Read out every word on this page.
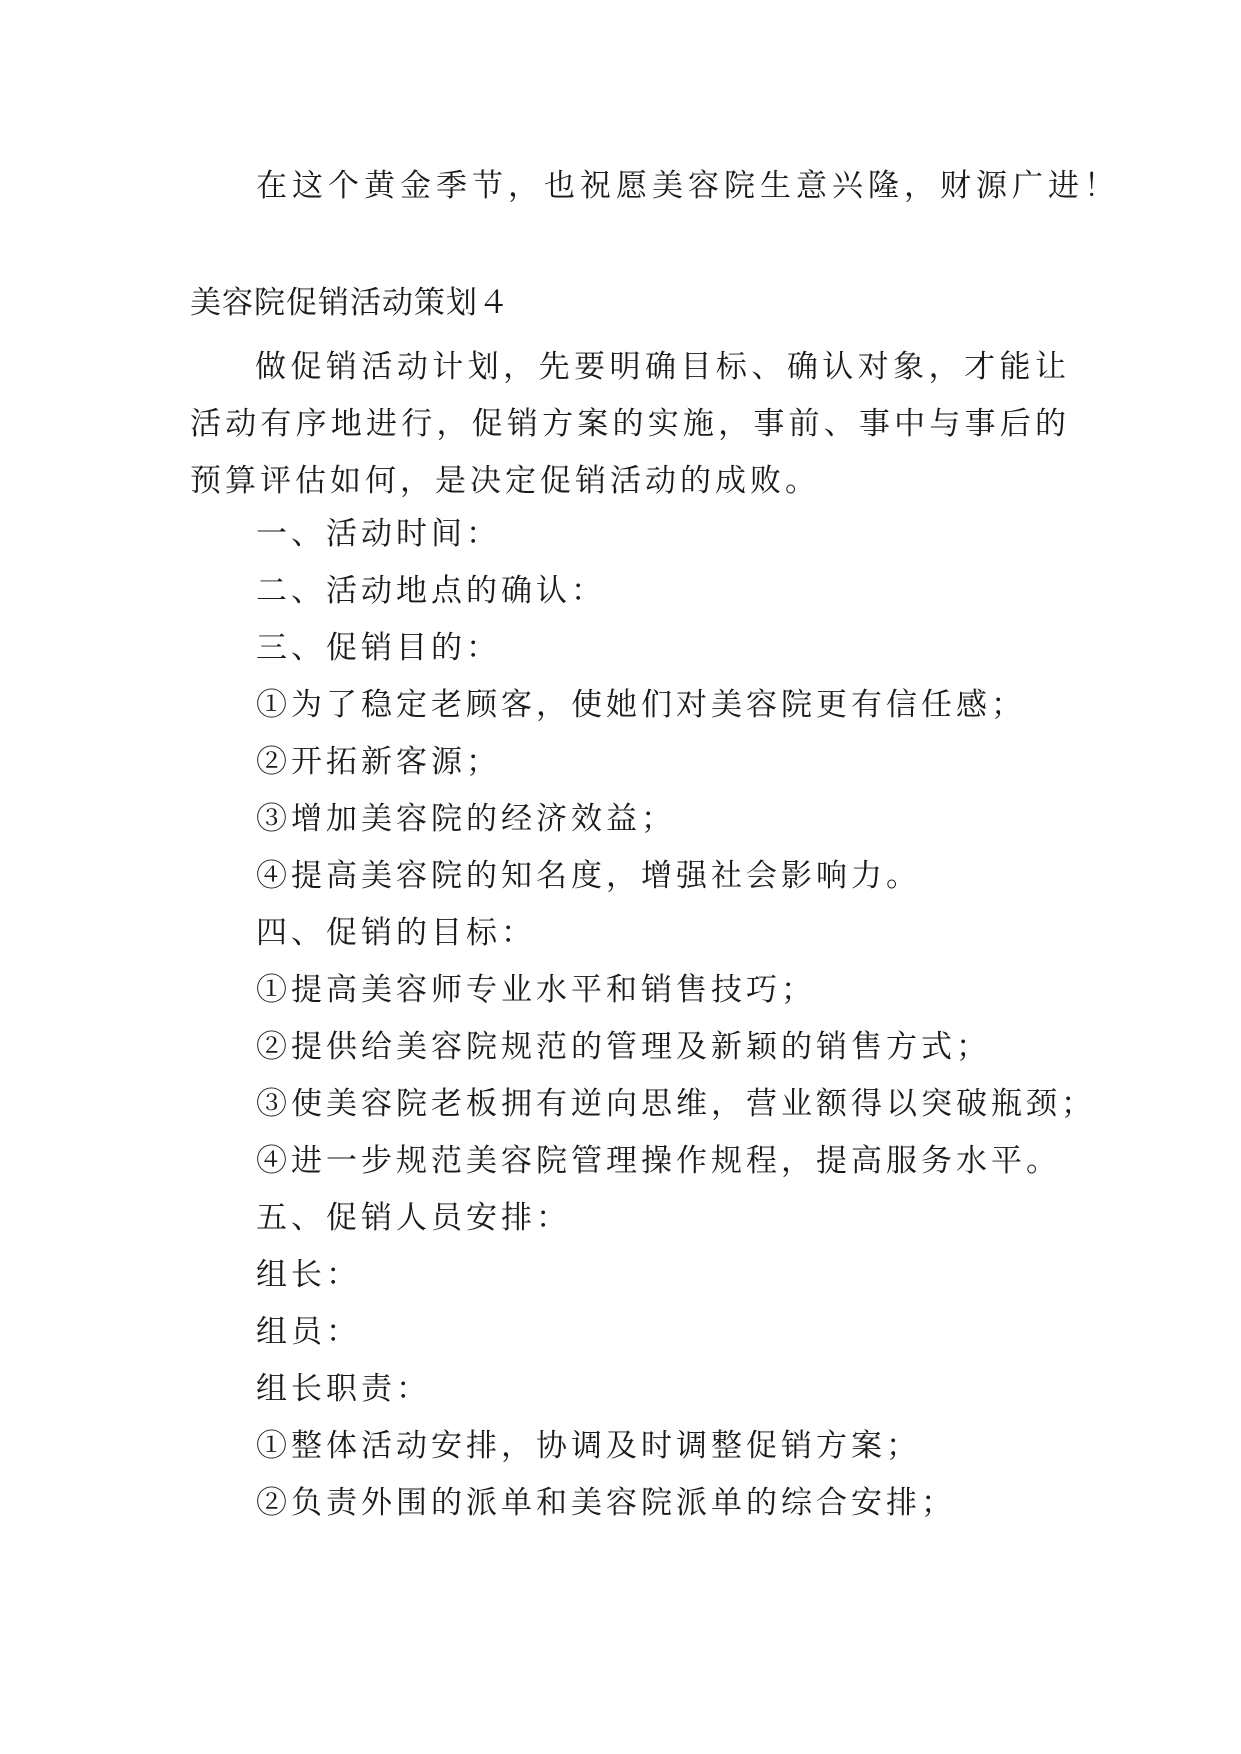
在这个黄金季节，也祝愿美容院生意兴隆，财源广进！
美容院促销活动策划４
做促销活动计划，先要明确目标、确认对象，才能让活动有序地进行，促销方案的实施，事前、事中与事后的预算评估如何，是决定促销活动的成败。
一、活动时间：
二、活动地点的确认：
三、促销目的：
①为了稳定老顾客，使她们对美容院更有信任感；
②开拓新客源；
③增加美容院的经济效益；
④提高美容院的知名度，增强社会影响力。
四、促销的目标：
①提高美容师专业水平和销售技巧；
②提供给美容院规范的管理及新颖的销售方式；
③使美容院老板拥有逆向思维，营业额得以突破瓶颈；
④进一步规范美容院管理操作规程，提高服务水平。
五、促销人员安排：
组长：
组员：
组长职责：
①整体活动安排，协调及时调整促销方案；
②负责外围的派单和美容院派单的综合安排；
